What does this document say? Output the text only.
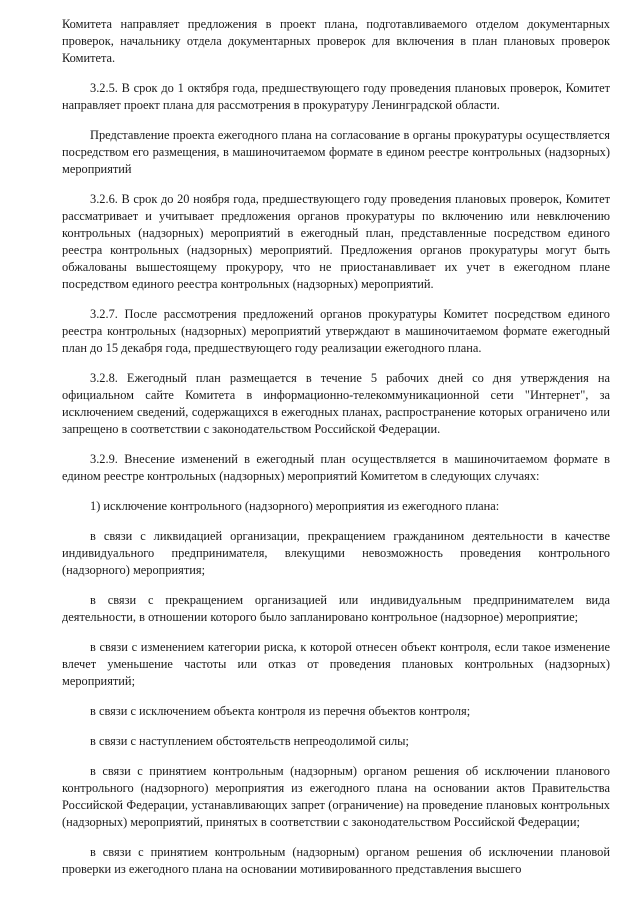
Комитета направляет предложения в проект плана, подготавливаемого отделом документарных проверок, начальнику отдела документарных проверок для включения в план плановых проверок Комитета.

3.2.5. В срок до 1 октября года, предшествующего году проведения плановых проверок, Комитет направляет проект плана для рассмотрения в прокуратуру Ленинградской области.

Представление проекта ежегодного плана на согласование в органы прокуратуры осуществляется посредством его размещения, в машиночитаемом формате в едином реестре контрольных (надзорных) мероприятий

3.2.6. В срок до 20 ноября года, предшествующего году проведения плановых проверок, Комитет рассматривает и учитывает предложения органов прокуратуры по включению или невключению контрольных (надзорных) мероприятий в ежегодный план, представленные посредством единого реестра контрольных (надзорных) мероприятий. Предложения органов прокуратуры могут быть обжалованы вышестоящему прокурору, что не приостанавливает их учет в ежегодном плане посредством единого реестра контрольных (надзорных) мероприятий.

3.2.7. После рассмотрения предложений органов прокуратуры Комитет посредством единого реестра контрольных (надзорных) мероприятий утверждают в машиночитаемом формате ежегодный план до 15 декабря года, предшествующего году реализации ежегодного плана.

3.2.8. Ежегодный план размещается в течение 5 рабочих дней со дня утверждения на официальном сайте Комитета в информационно-телекоммуникационной сети "Интернет", за исключением сведений, содержащихся в ежегодных планах, распространение которых ограничено или запрещено в соответствии с законодательством Российской Федерации.

3.2.9. Внесение изменений в ежегодный план осуществляется в машиночитаемом формате в едином реестре контрольных (надзорных) мероприятий Комитетом в следующих случаях:

1) исключение контрольного (надзорного) мероприятия из ежегодного плана:

в связи с ликвидацией организации, прекращением гражданином деятельности в качестве индивидуального предпринимателя, влекущими невозможность проведения контрольного (надзорного) мероприятия;

в связи с прекращением организацией или индивидуальным предпринимателем вида деятельности, в отношении которого было запланировано контрольное (надзорное) мероприятие;

в связи с изменением категории риска, к которой отнесен объект контроля, если такое изменение влечет уменьшение частоты или отказ от проведения плановых контрольных (надзорных) мероприятий;

в связи с исключением объекта контроля из перечня объектов контроля;

в связи с наступлением обстоятельств непреодолимой силы;

в связи с принятием контрольным (надзорным) органом решения об исключении планового контрольного (надзорного) мероприятия из ежегодного плана на основании актов Правительства Российской Федерации, устанавливающих запрет (ограничение) на проведение плановых контрольных (надзорных) мероприятий, принятых в соответствии с законодательством Российской Федерации;

в связи с принятием контрольным (надзорным) органом решения об исключении плановой проверки из ежегодного плана на основании мотивированного представления высшего
